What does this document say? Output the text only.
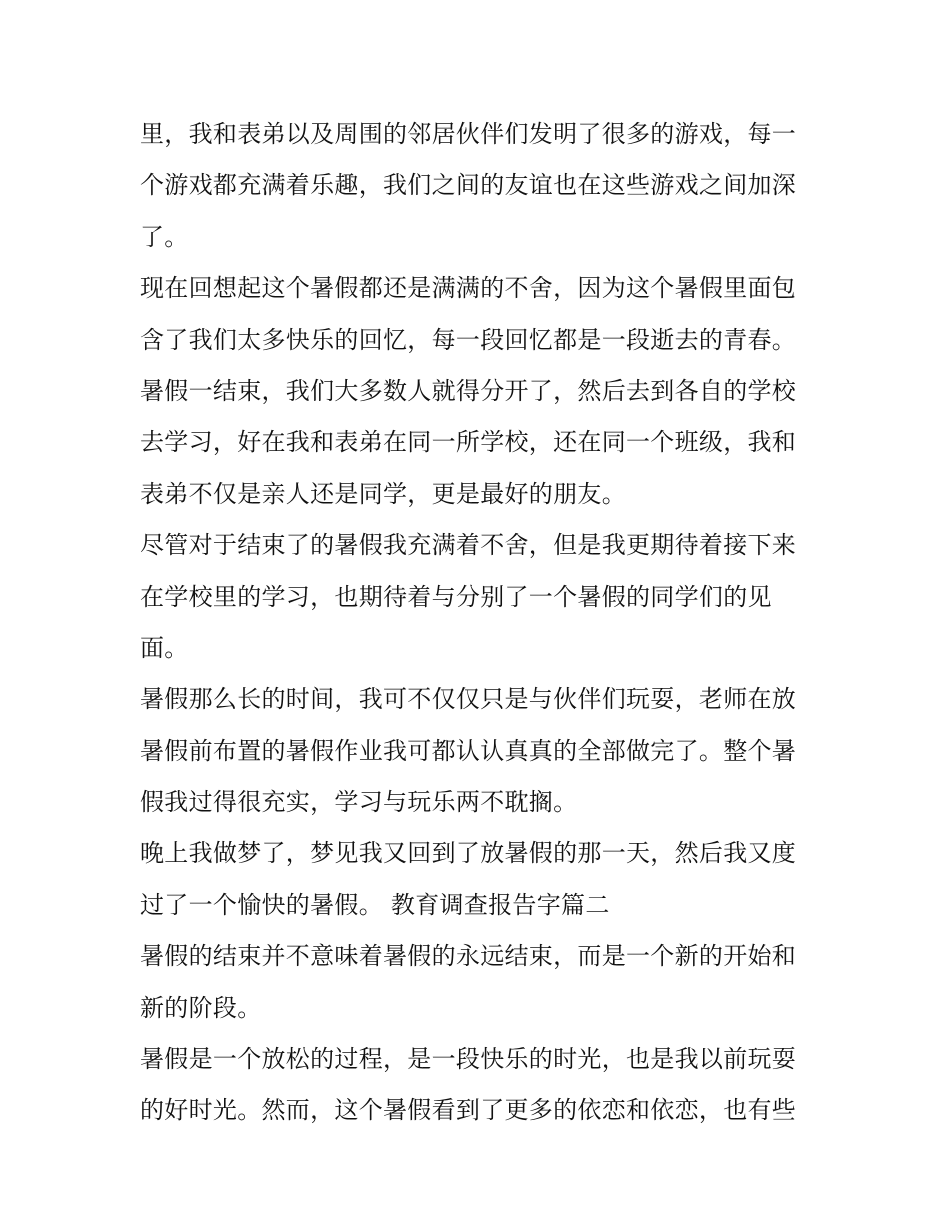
里，我和表弟以及周围的邻居伙伴们发明了很多的游戏，每一
个游戏都充满着乐趣，我们之间的友谊也在这些游戏之间加深
了。
现在回想起这个暑假都还是满满的不舍，因为这个暑假里面包
含了我们太多快乐的回忆，每一段回忆都是一段逝去的青春。
暑假一结束，我们大多数人就得分开了，然后去到各自的学校
去学习，好在我和表弟在同一所学校，还在同一个班级，我和
表弟不仅是亲人还是同学，更是最好的朋友。
尽管对于结束了的暑假我充满着不舍，但是我更期待着接下来
在学校里的学习，也期待着与分别了一个暑假的同学们的见
面。
暑假那么长的时间，我可不仅仅只是与伙伴们玩耍，老师在放
暑假前布置的暑假作业我可都认认真真的全部做完了。整个暑
假我过得很充实，学习与玩乐两不耽搁。
晚上我做梦了，梦见我又回到了放暑假的那一天，然后我又度
过了一个愉快的暑假。 教育调查报告字篇二
暑假的结束并不意味着暑假的永远结束，而是一个新的开始和
新的阶段。
暑假是一个放松的过程，是一段快乐的时光，也是我以前玩耍
的好时光。然而，这个暑假看到了更多的依恋和依恋，也有些
